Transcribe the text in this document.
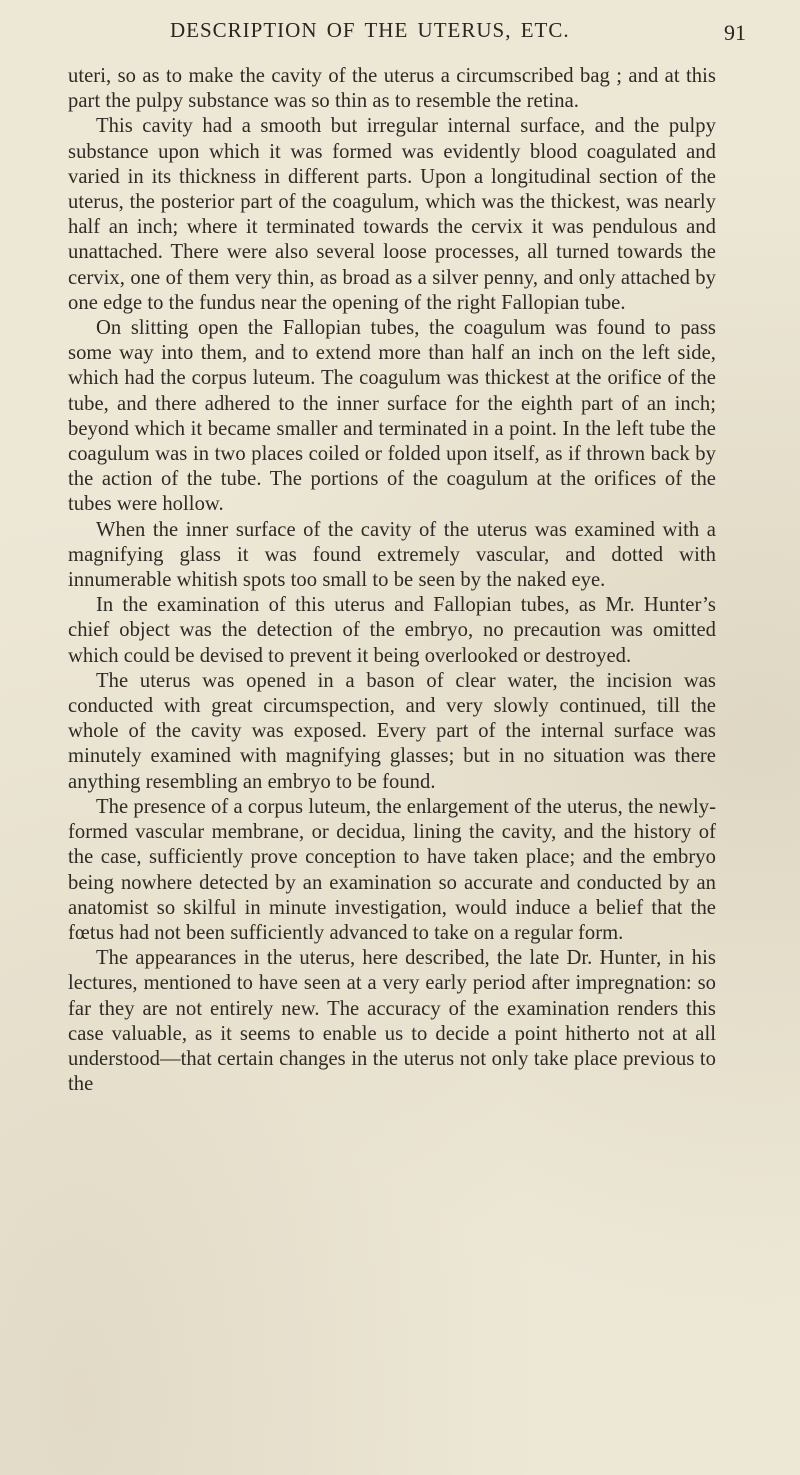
DESCRIPTION OF THE UTERUS, ETC.	91

uteri, so as to make the cavity of the uterus a circumscribed bag ; and at this part the pulpy substance was so thin as to resemble the retina.

This cavity had a smooth but irregular internal surface, and the pulpy substance upon which it was formed was evidently blood coagulated and varied in its thickness in different parts. Upon a longitudinal section of the uterus, the posterior part of the coagulum, which was the thickest, was nearly half an inch; where it terminated towards the cervix it was pendulous and unattached. There were also several loose processes, all turned towards the cervix, one of them very thin, as broad as a silver penny, and only attached by one edge to the fundus near the opening of the right Fallopian tube.

On slitting open the Fallopian tubes, the coagulum was found to pass some way into them, and to extend more than half an inch on the left side, which had the corpus luteum. The coagulum was thickest at the orifice of the tube, and there adhered to the inner surface for the eighth part of an inch; beyond which it became smaller and terminated in a point. In the left tube the coagulum was in two places coiled or folded upon itself, as if thrown back by the action of the tube. The portions of the coagulum at the orifices of the tubes were hollow.

When the inner surface of the cavity of the uterus was examined with a magnifying glass it was found extremely vascular, and dotted with innumerable whitish spots too small to be seen by the naked eye.

In the examination of this uterus and Fallopian tubes, as Mr. Hunter’s chief object was the detection of the embryo, no precaution was omitted which could be devised to prevent it being overlooked or destroyed.

The uterus was opened in a bason of clear water, the incision was conducted with great circumspection, and very slowly continued, till the whole of the cavity was exposed. Every part of the internal surface was minutely examined with magnifying glasses; but in no situation was there anything resembling an embryo to be found.

The presence of a corpus luteum, the enlargement of the uterus, the newly-formed vascular membrane, or decidua, lining the cavity, and the history of the case, sufficiently prove conception to have taken place; and the embryo being nowhere detected by an examination so accurate and conducted by an anatomist so skilful in minute investigation, would induce a belief that the fœtus had not been sufficiently advanced to take on a regular form.

The appearances in the uterus, here described, the late Dr. Hunter, in his lectures, mentioned to have seen at a very early period after impregnation: so far they are not entirely new. The accuracy of the examination renders this case valuable, as it seems to enable us to decide a point hitherto not at all understood—that certain changes in the uterus not only take place previous to the
